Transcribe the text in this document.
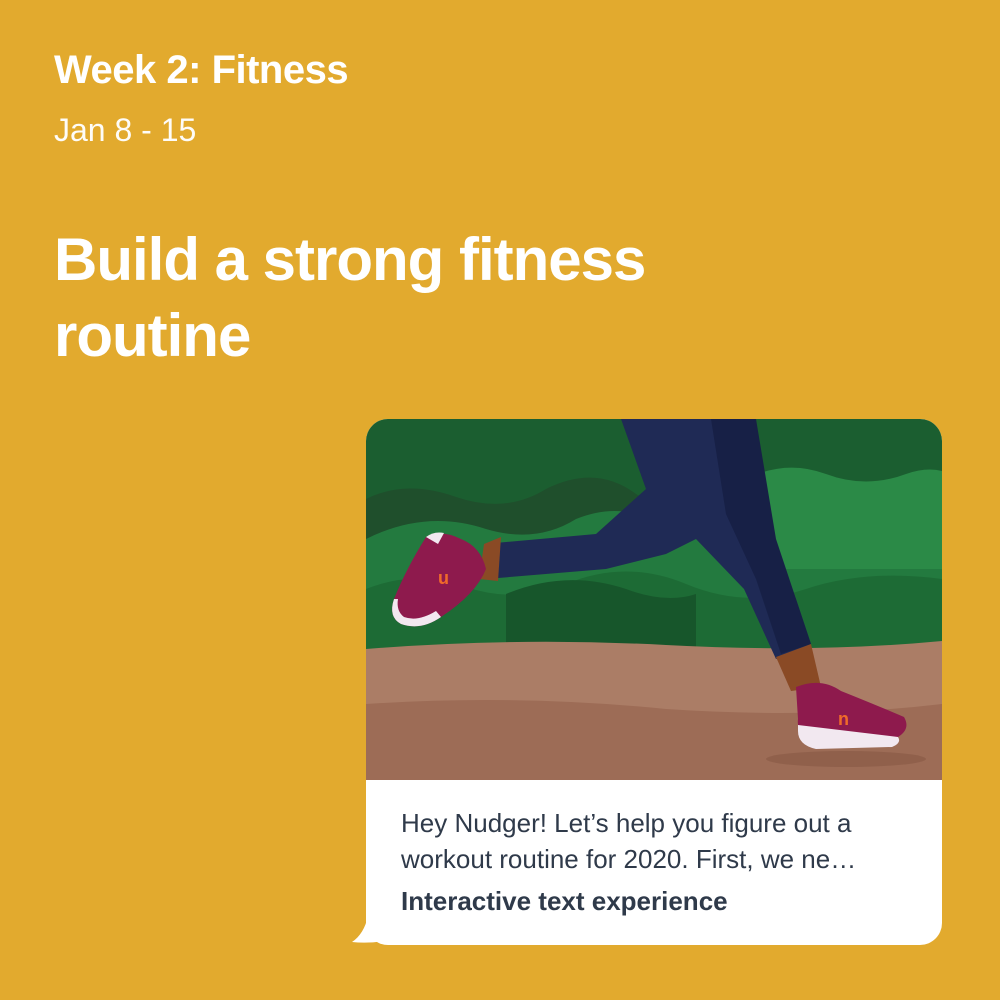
Week 2: Fitness
Jan 8 - 15
Build a strong fitness routine
u
n

Hey Nudger! Let’s help you figure out a workout routine for 2020. First, we ne…

Interactive text experience
